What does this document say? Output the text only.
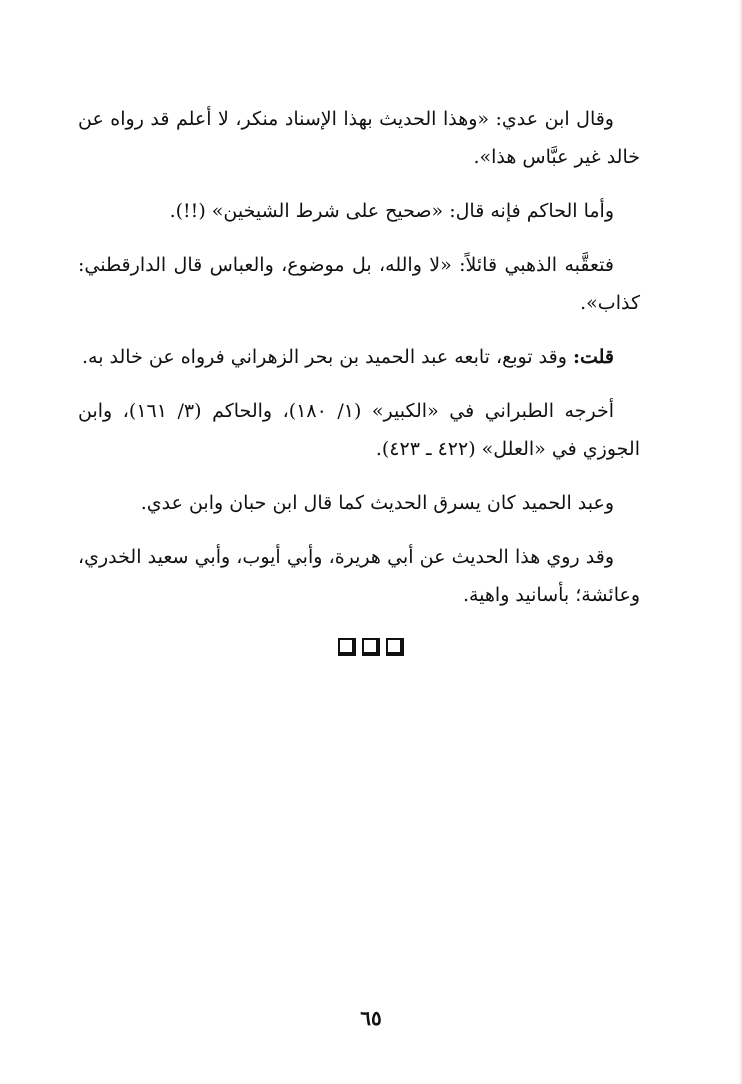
وقال ابن عدي: «وهذا الحديث بهذا الإسناد منكر، لا أعلم قد رواه عن خالد غير عبَّاس هذا».

وأما الحاكم فإنه قال: «صحيح على شرط الشيخين» (!!).

فتعقَّبه الذهبي قائلاً: «لا والله، بل موضوع، والعباس قال الدارقطني: كذاب».

قلت: وقد توبع، تابعه عبد الحميد بن بحر الزهراني فرواه عن خالد به.

أخرجه الطبراني في «الكبير» (١/ ١٨٠)، والحاكم (٣/ ١٦١)، وابن الجوزي في «العلل» (٤٢٢ ـ ٤٢٣).

وعبد الحميد كان يسرق الحديث كما قال ابن حبان وابن عدي.

وقد روي هذا الحديث عن أبي هريرة، وأبي أيوب، وأبي سعيد الخدري، وعائشة؛ بأسانيد واهية.

٦٥
